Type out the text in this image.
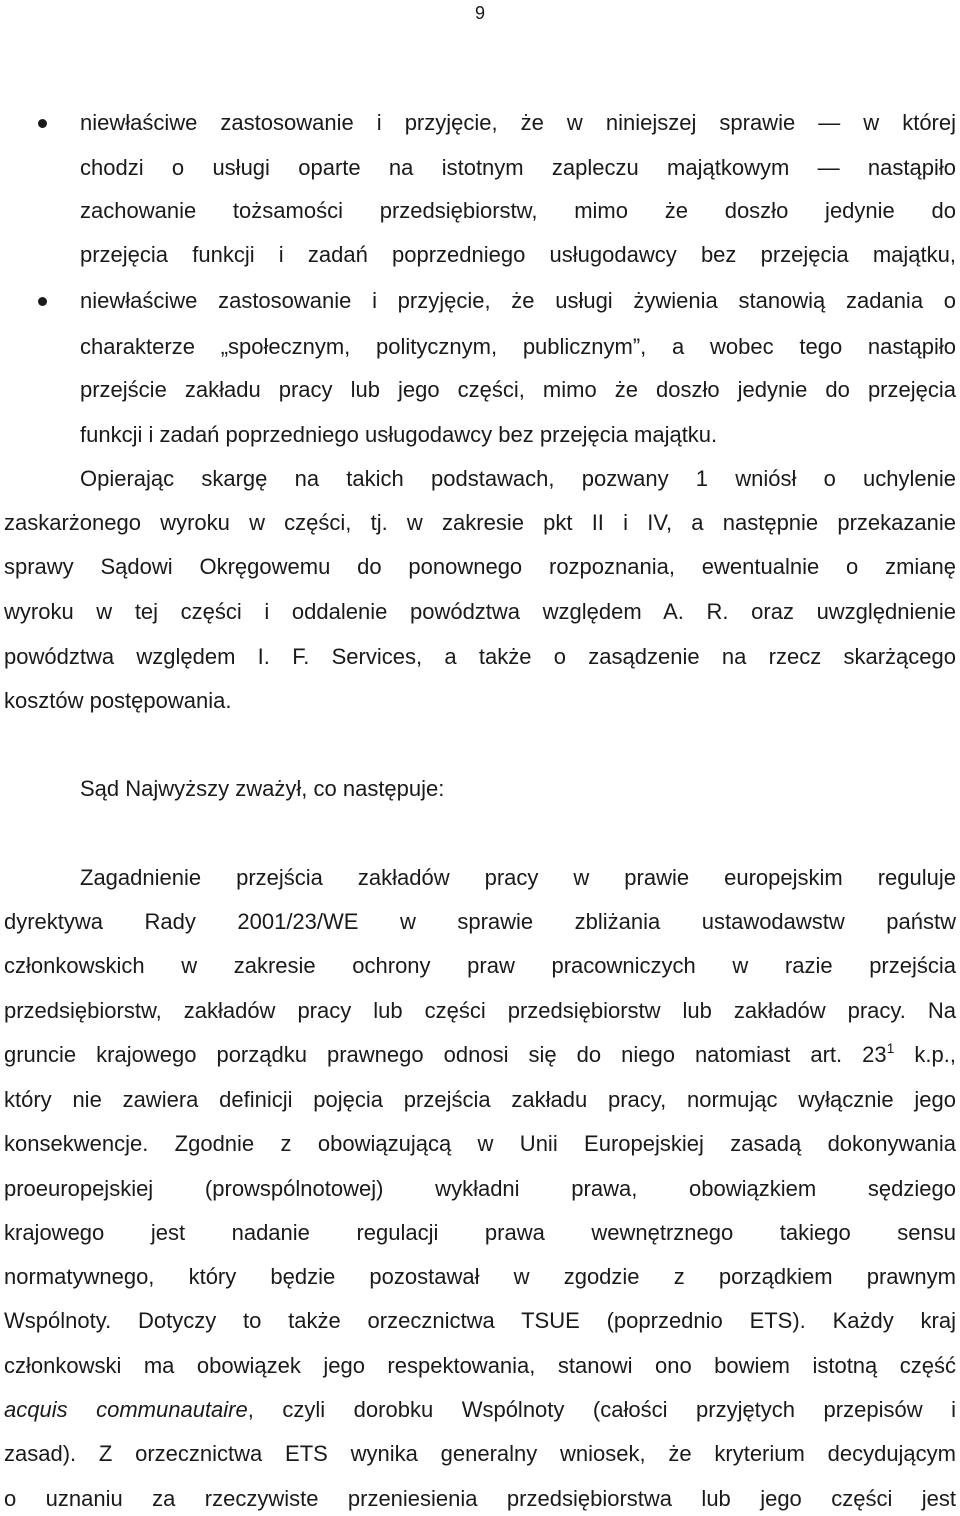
9
niewłaściwe zastosowanie i przyjęcie, że w niniejszej sprawie ― w której
chodzi o usługi oparte na istotnym zapleczu majątkowym ― nastąpiło
zachowanie tożsamości przedsiębiorstw, mimo że doszło jedynie do
przejęcia funkcji i zadań poprzedniego usługodawcy bez przejęcia majątku,
niewłaściwe zastosowanie i przyjęcie, że usługi żywienia stanowią zadania o
charakterze „społecznym, politycznym, publicznym”, a wobec tego nastąpiło
przejście zakładu pracy lub jego części, mimo że doszło jedynie do przejęcia
funkcji i zadań poprzedniego usługodawcy bez przejęcia majątku.
Opierając skargę na takich podstawach, pozwany 1 wniósł o uchylenie
zaskarżonego wyroku w części, tj. w zakresie pkt II i IV, a następnie przekazanie
sprawy Sądowi Okręgowemu do ponownego rozpoznania, ewentualnie o zmianę
wyroku w tej części i oddalenie powództwa względem A. R. oraz uwzględnienie
powództwa względem I. F. Services, a także o zasądzenie na rzecz skarżącego
kosztów postępowania.
Sąd Najwyższy zważył, co następuje:
Zagadnienie przejścia zakładów pracy w prawie europejskim reguluje
dyrektywa Rady 2001/23/WE w sprawie zbliżania ustawodawstw państw
członkowskich w zakresie ochrony praw pracowniczych w razie przejścia
przedsiębiorstw, zakładów pracy lub części przedsiębiorstw lub zakładów pracy. Na
gruncie krajowego porządku prawnego odnosi się do niego natomiast art. $23^1$ k.p.,
który nie zawiera definicji pojęcia przejścia zakładu pracy, normując wyłącznie jego
konsekwencje. Zgodnie z obowiązującą w Unii Europejskiej zasadą dokonywania
proeuropejskiej (prowspólnotowej) wykładni prawa, obowiązkiem sędziego
krajowego jest nadanie regulacji prawa wewnętrznego takiego sensu
normatywnego, który będzie pozostawał w zgodzie z porządkiem prawnym
Wspólnoty. Dotyczy to także orzecznictwa TSUE (poprzednio ETS). Każdy kraj
członkowski ma obowiązek jego respektowania, stanowi ono bowiem istotną część
acquis communautaire, czyli dorobku Wspólnoty (całości przyjętych przepisów i
zasad). Z orzecznictwa ETS wynika generalny wniosek, że kryterium decydującym
o uznaniu za rzeczywiste przeniesienia przedsiębiorstwa lub jego części jest
